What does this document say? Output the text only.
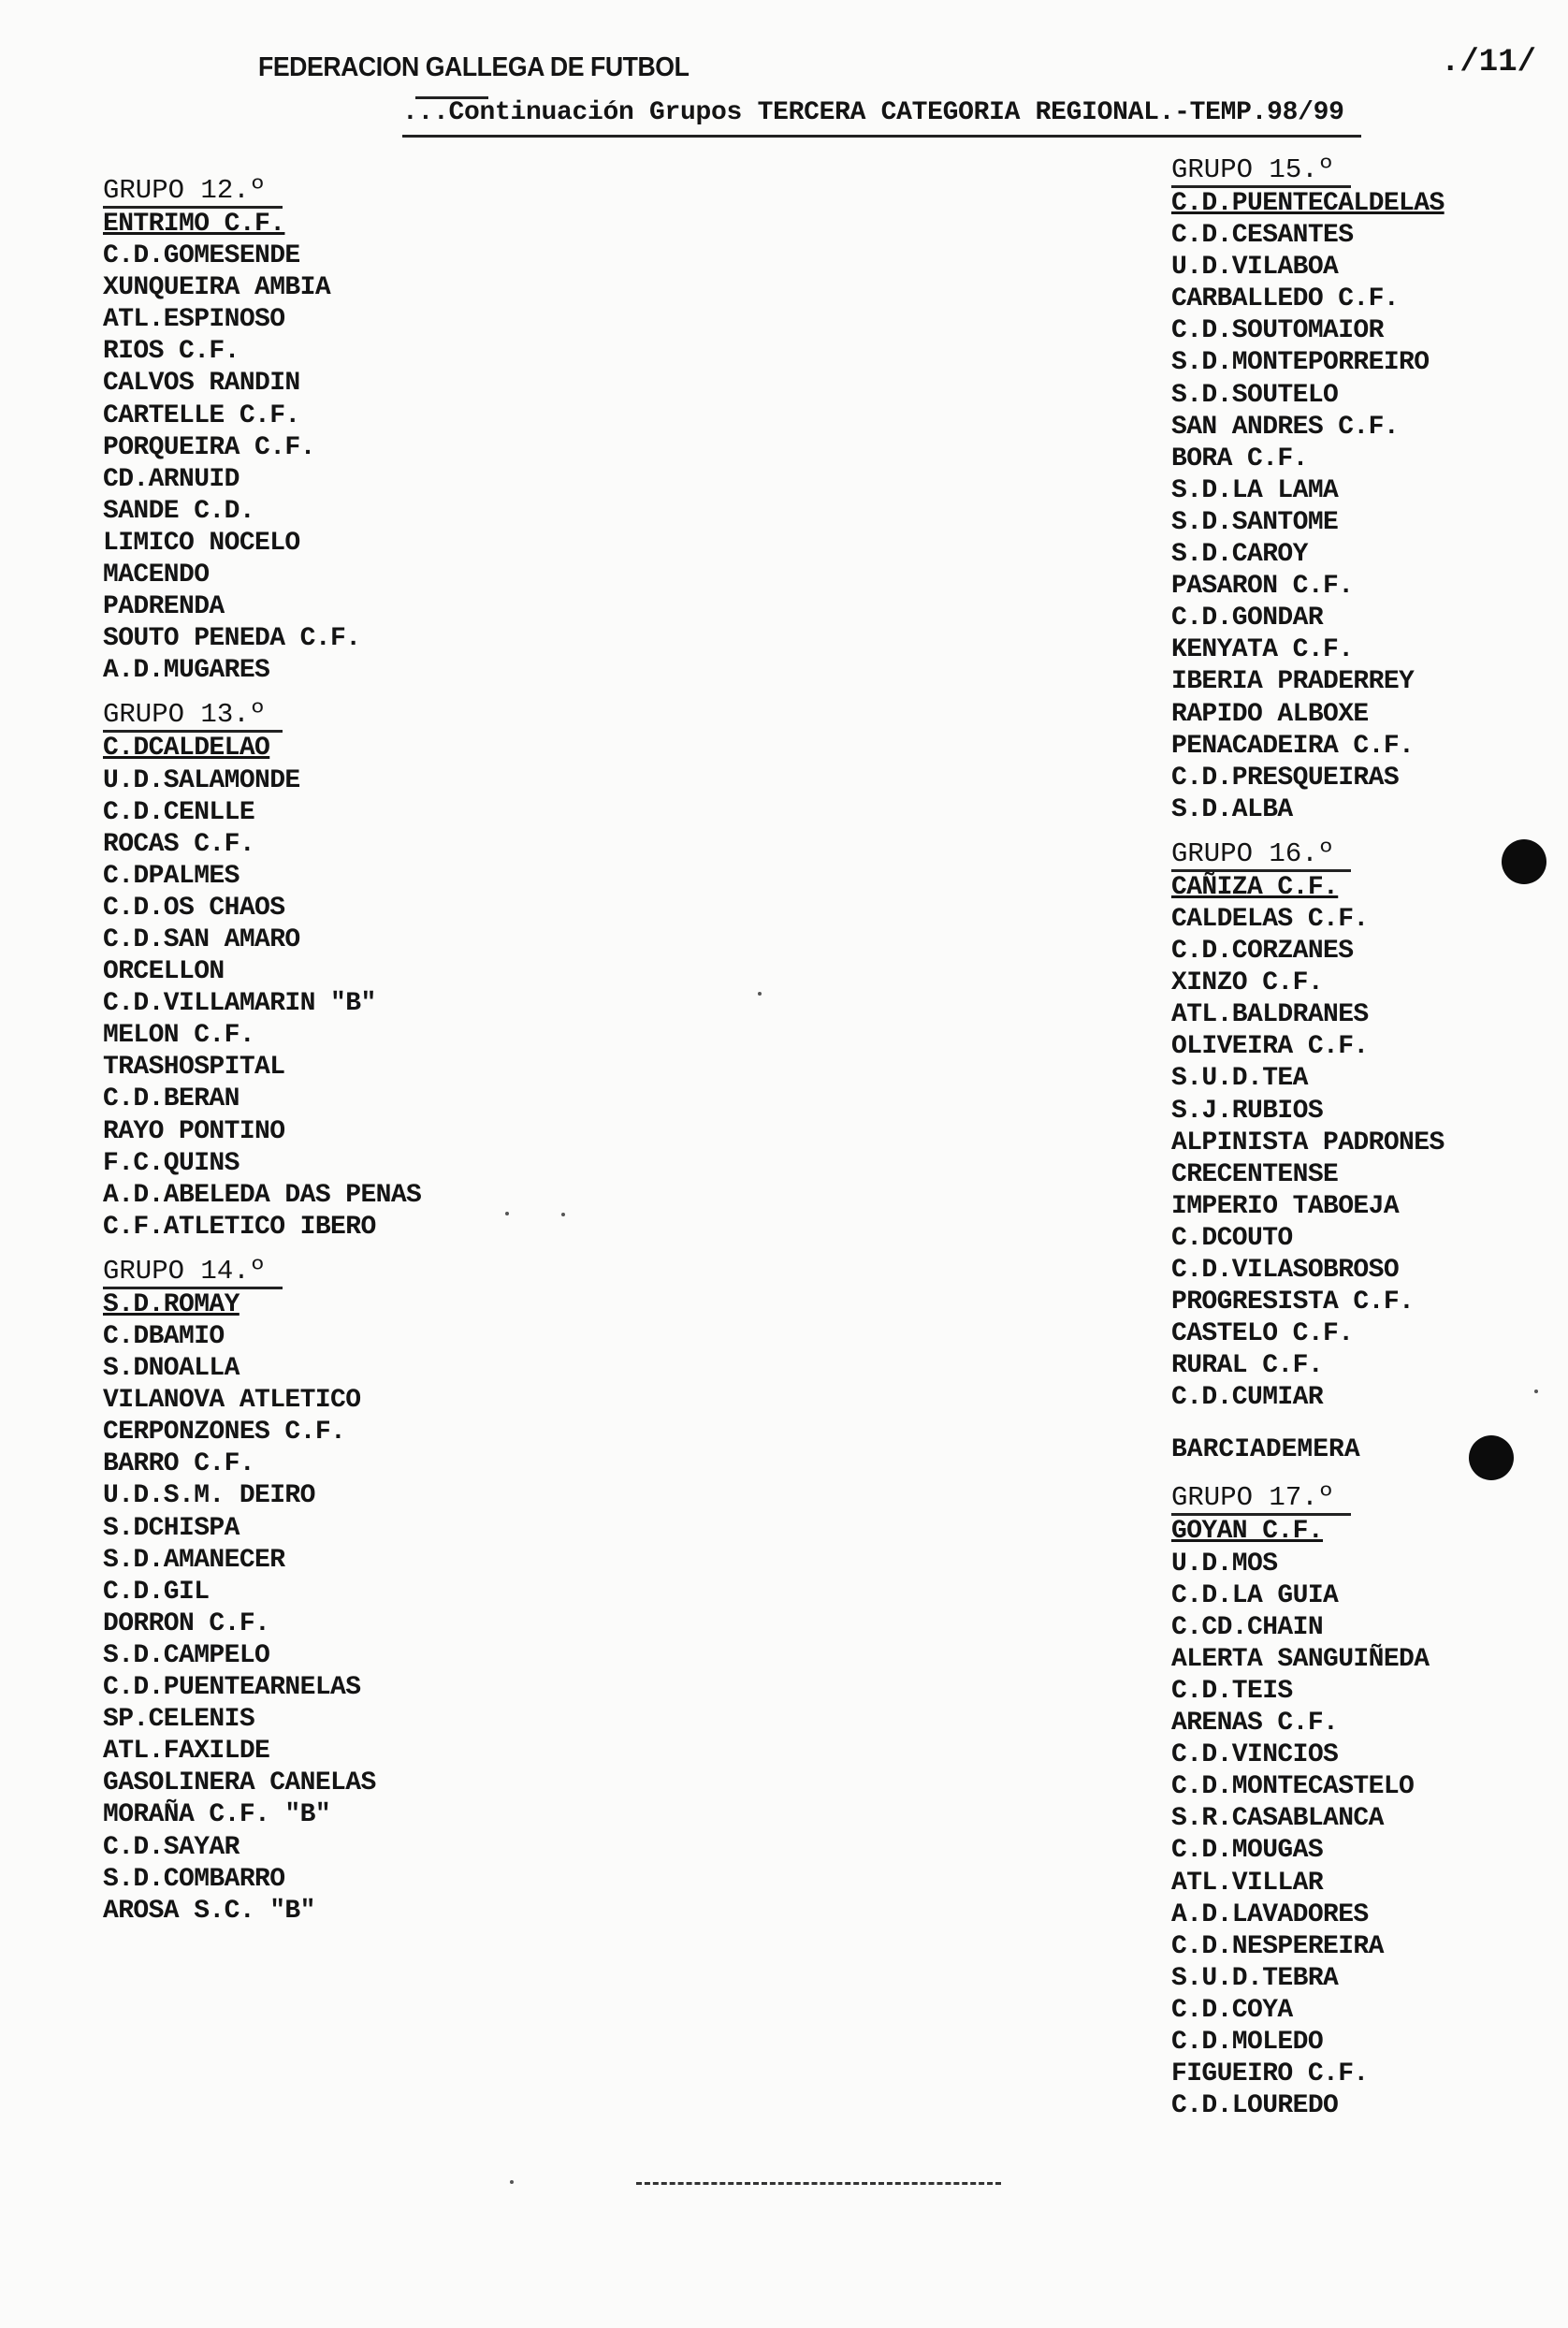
FEDERACION GALLEGA DE FUTBOL	./11/
...Continuación Grupos TERCERA CATEGORIA REGIONAL.-TEMP.98/99
GRUPO 12.º
ENTRIMO C.F.
C.D.GOMESENDE
XUNQUEIRA AMBIA
ATL.ESPINOSO
RIOS C.F.
CALVOS RANDIN
CARTELLE C.F.
PORQUEIRA C.F.
CD.ARNUID
SANDE C.D.
LIMICO NOCELO
MACENDO
PADRENDA
SOUTO PENEDA C.F.
A.D.MUGARES
GRUPO 13.º
C.DCALDELAO
U.D.SALAMONDE
C.D.CENLLE
ROCAS C.F.
C.DPALMES
C.D.OS CHAOS
C.D.SAN AMARO
ORCELLON
C.D.VILLAMARIN "B"
MELON C.F.
TRASHOSPITAL
C.D.BERAN
RAYO PONTINO
F.C.QUINS
A.D.ABELEDA DAS PENAS
C.F.ATLETICO IBERO
GRUPO 14.º
S.D.ROMAY
C.DBAMIO
S.DNOALLA
VILANOVA ATLETICO
CERPONZONES C.F.
BARRO C.F.
U.D.S.M. DEIRO
S.DCHISPA
S.D.AMANECER
C.D.GIL
DORRON C.F.
S.D.CAMPELO
C.D.PUENTEARNELAS
SP.CELENIS
ATL.FAXILDE
GASOLINERA CANELAS
MORAÑA C.F. "B"
C.D.SAYAR
S.D.COMBARRO
AROSA S.C. "B"
GRUPO 15.º
C.D.PUENTECALDELAS
C.D.CESANTES
U.D.VILABOA
CARBALLEDO C.F.
C.D.SOUTOMAIOR
S.D.MONTEPORREIRO
S.D.SOUTELO
SAN ANDRES C.F.
BORA C.F.
S.D.LA LAMA
S.D.SANTOME
S.D.CAROY
PASARON C.F.
C.D.GONDAR
KENYATA C.F.
IBERIA PRADERREY
RAPIDO ALBOXE
PENACADEIRA C.F.
C.D.PRESQUEIRAS
S.D.ALBA
GRUPO 16.º
CAÑIZA C.F.
CALDELAS C.F.
C.D.CORZANES
XINZO C.F.
ATL.BALDRANES
OLIVEIRA C.F.
S.U.D.TEA
S.J.RUBIOS
ALPINISTA PADRONES
CRECENTENSE
IMPERIO TABOEJA
C.DCOUTO
C.D.VILASOBROSO
PROGRESISTA C.F.
CASTELO C.F.
RURAL C.F.
C.D.CUMIAR
BARCIADEMERA
GRUPO 17.º
GOYAN C.F.
U.D.MOS
C.D.LA GUIA
C.CD.CHAIN
ALERTA SANGUIÑEDA
C.D.TEIS
ARENAS C.F.
C.D.VINCIOS
C.D.MONTECASTELO
S.R.CASABLANCA
C.D.MOUGAS
ATL.VILLAR
A.D.LAVADORES
C.D.NESPEREIRA
S.U.D.TEBRA
C.D.COYA
C.D.MOLEDO
FIGUEIRO C.F.
C.D.LOUREDO
